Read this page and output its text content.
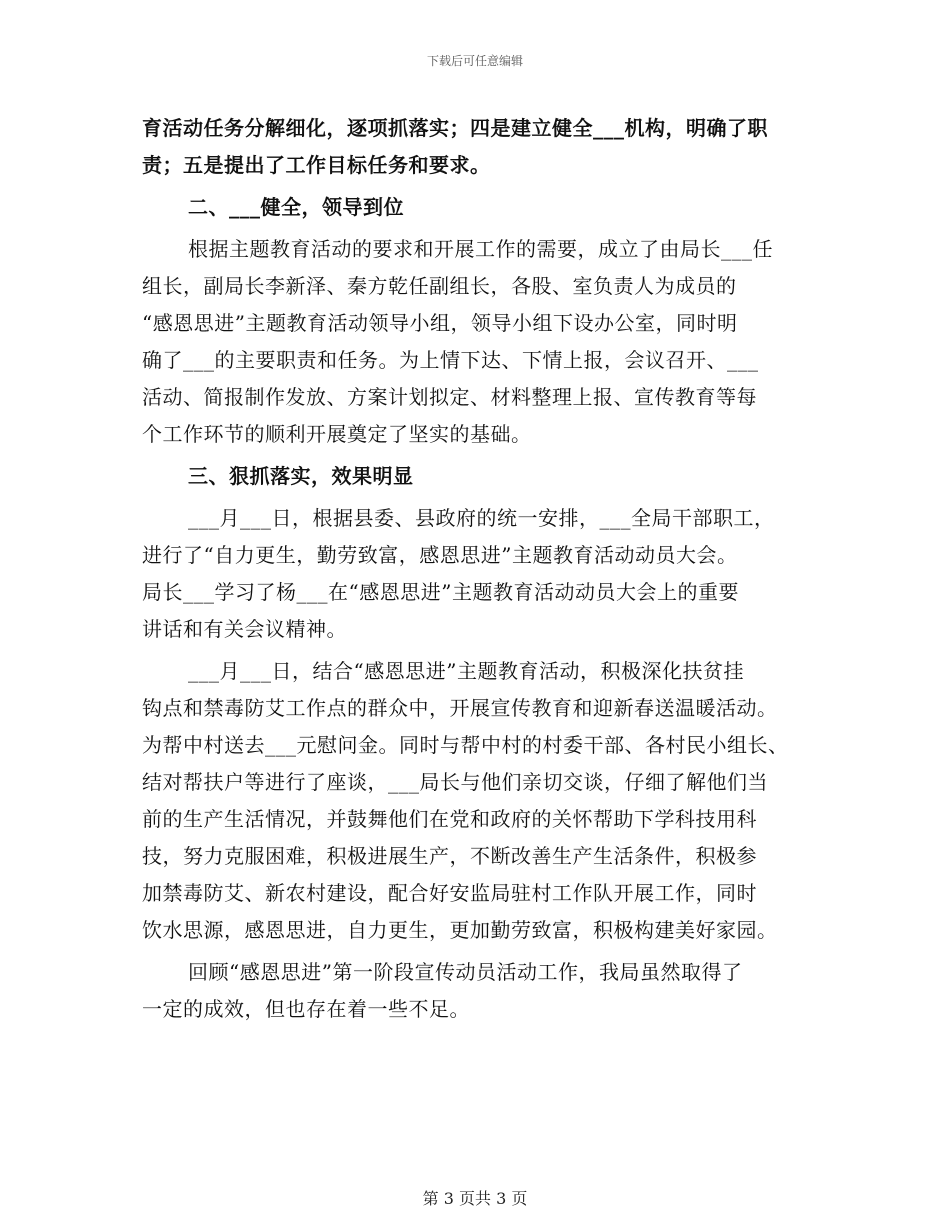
下载后可任意编辑
育活动任务分解细化，逐项抓落实；四是建立健全___机构，明确了职
责；五是提出了工作目标任务和要求。
二、___健全，领导到位
根据主题教育活动的要求和开展工作的需要，成立了由局长___任
组长，副局长李新泽、秦方乾任副组长，各股、室负责人为成员的
“感恩思进”主题教育活动领导小组，领导小组下设办公室，同时明
确了___的主要职责和任务。为上情下达、下情上报，会议召开、___
活动、简报制作发放、方案计划拟定、材料整理上报、宣传教育等每
个工作环节的顺利开展奠定了坚实的基础。
三、狠抓落实，效果明显
___月___日，根据县委、县政府的统一安排，___全局干部职工，
进行了“自力更生，勤劳致富，感恩思进”主题教育活动动员大会。
局长___学习了杨___在“感恩思进”主题教育活动动员大会上的重要
讲话和有关会议精神。
___月___日，结合“感恩思进”主题教育活动，积极深化扶贫挂
钩点和禁毒防艾工作点的群众中，开展宣传教育和迎新春送温暖活动。
为帮中村送去___元慰问金。同时与帮中村的村委干部、各村民小组长、
结对帮扶户等进行了座谈，___局长与他们亲切交谈，仔细了解他们当
前的生产生活情况，并鼓舞他们在党和政府的关怀帮助下学科技用科
技，努力克服困难，积极进展生产，不断改善生产生活条件，积极参
加禁毒防艾、新农村建设，配合好安监局驻村工作队开展工作，同时
饮水思源，感恩思进，自力更生，更加勤劳致富，积极构建美好家园。
回顾“感恩思进”第一阶段宣传动员活动工作，我局虽然取得了
一定的成效，但也存在着一些不足。
第 3 页共 3 页
